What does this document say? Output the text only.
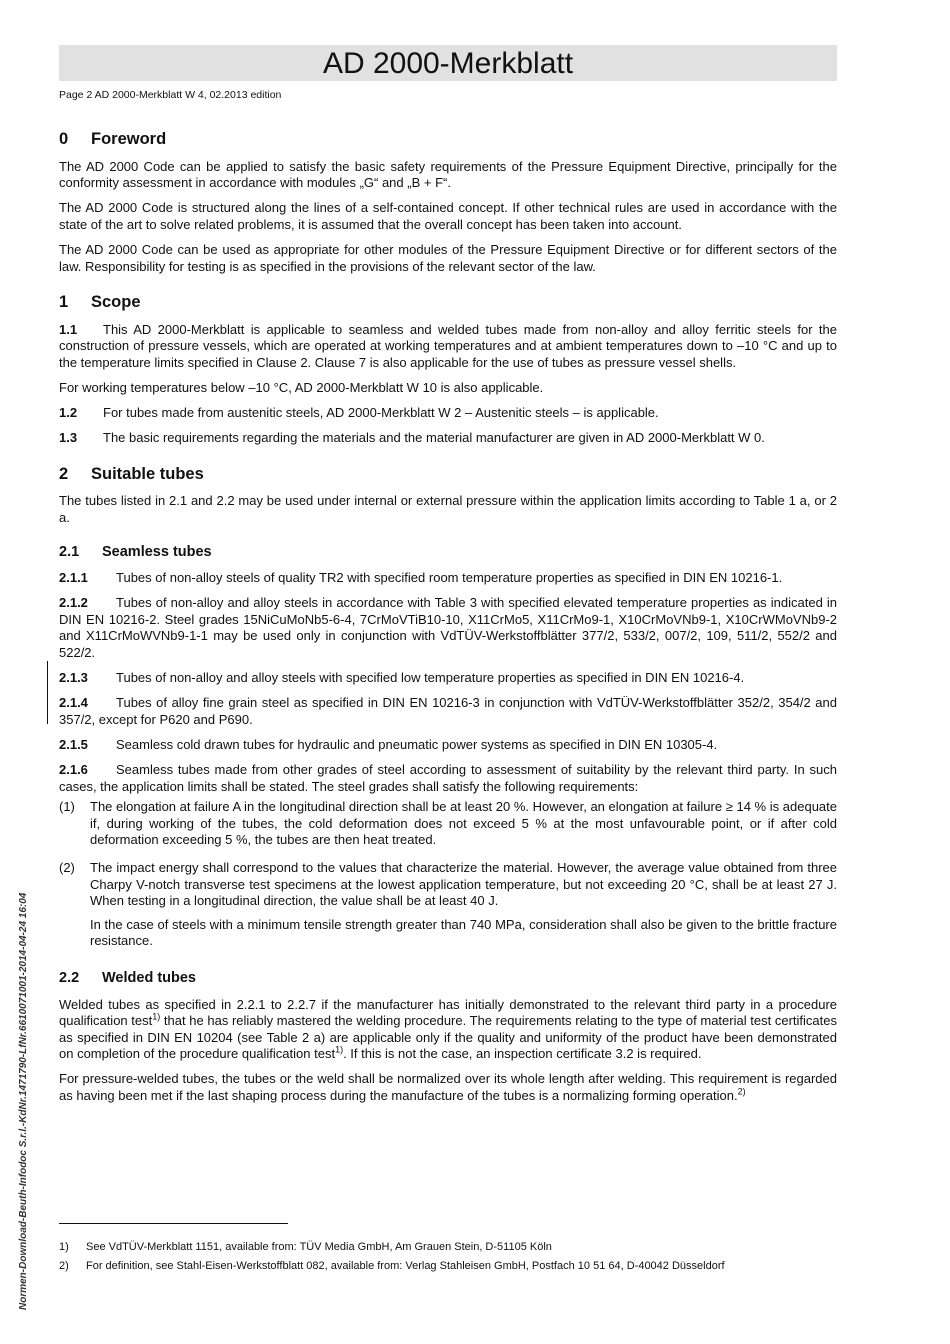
AD 2000-Merkblatt
Page 2 AD 2000-Merkblatt W 4, 02.2013 edition
0 Foreword

The AD 2000 Code can be applied to satisfy the basic safety requirements of the Pressure Equipment Directive, principally for the conformity assessment in accordance with modules „G“ and „B + F“.

The AD 2000 Code is structured along the lines of a self-contained concept. If other technical rules are used in accordance with the state of the art to solve related problems, it is assumed that the overall concept has been taken into account.

The AD 2000 Code can be used as appropriate for other modules of the Pressure Equipment Directive or for different sectors of the law. Responsibility for testing is as specified in the provisions of the relevant sector of the law.

1 Scope

1.1 This AD 2000-Merkblatt is applicable to seamless and welded tubes made from non-alloy and alloy ferritic steels for the construction of pressure vessels, which are operated at working temperatures and at ambient temperatures down to –10 °C and up to the temperature limits specified in Clause 2. Clause 7 is also applicable for the use of tubes as pressure vessel shells.

For working temperatures below –10 °C, AD 2000-Merkblatt W 10 is also applicable.

1.2 For tubes made from austenitic steels, AD 2000-Merkblatt W 2 – Austenitic steels – is applicable.

1.3 The basic requirements regarding the materials and the material manufacturer are given in AD 2000-Merkblatt W 0.

2 Suitable tubes

The tubes listed in 2.1 and 2.2 may be used under internal or external pressure within the application limits according to Table 1 a, or 2 a.

2.1 Seamless tubes

2.1.1 Tubes of non-alloy steels of quality TR2 with specified room temperature properties as specified in DIN EN 10216-1.

2.1.2 Tubes of non-alloy and alloy steels in accordance with Table 3 with specified elevated temperature properties as indicated in DIN EN 10216-2. Steel grades 15NiCuMoNb5-6-4, 7CrMoVTiB10-10, X11CrMo5, X11CrMo9-1, X10CrMoVNb9-1, X10CrWMoVNb9-2 and X11CrMoWVNb9-1-1 may be used only in conjunction with VdTÜV-Werkstoffblätter 377/2, 533/2, 007/2, 109, 511/2, 552/2 and 522/2.

2.1.3 Tubes of non-alloy and alloy steels with specified low temperature properties as specified in DIN EN 10216-4.

2.1.4 Tubes of alloy fine grain steel as specified in DIN EN 10216-3 in conjunction with VdTÜV-Werkstoffblätter 352/2, 354/2 and 357/2, except for P620 and P690.

2.1.5 Seamless cold drawn tubes for hydraulic and pneumatic power systems as specified in DIN EN 10305-4.

2.1.6 Seamless tubes made from other grades of steel according to assessment of suitability by the relevant third party. In such cases, the application limits shall be stated. The steel grades shall satisfy the following requirements:

(1)	The elongation at failure A in the longitudinal direction shall be at least 20 %. However, an elongation at failure ≥ 14 % is adequate if, during working of the tubes, the cold deformation does not exceed 5 % at the most unfavourable point, or if after cold deformation exceeding 5 %, the tubes are then heat treated.

(2)	The impact energy shall correspond to the values that characterize the material. However, the average value obtained from three Charpy V-notch transverse test specimens at the lowest application temperature, but not exceeding 20 °C, shall be at least 27 J. When testing in a longitudinal direction, the value shall be at least 40 J.

In the case of steels with a minimum tensile strength greater than 740 MPa, consideration shall also be given to the brittle fracture resistance.

2.2 Welded tubes

Welded tubes as specified in 2.2.1 to 2.2.7 if the manufacturer has initially demonstrated to the relevant third party in a procedure qualification test$^{1)}$ that he has reliably mastered the welding procedure. The requirements relating to the type of material test certificates as specified in DIN EN 10204 (see Table 2 a) are applicable only if the quality and uniformity of the product have been demonstrated on completion of the procedure qualification test$^{1)}$. If this is not the case, an inspection certificate 3.2 is required.

For pressure-welded tubes, the tubes or the weld shall be normalized over its whole length after welding. This requirement is regarded as having been met if the last shaping process during the manufacture of the tubes is a normalizing forming operation.$^{2)}$

1)	See VdTÜV-Merkblatt 1151, available from: TÜV Media GmbH, Am Grauen Stein, D-51105 Köln
2)	For definition, see Stahl-Eisen-Werkstoffblatt 082, available from: Verlag Stahleisen GmbH, Postfach 10 51 64, D-40042 Düsseldorf
Normen-Download-Beuth-Infodoc S.r.l.-KdNr.1471790-LfNr.6610071001-2014-04-24 16:04
